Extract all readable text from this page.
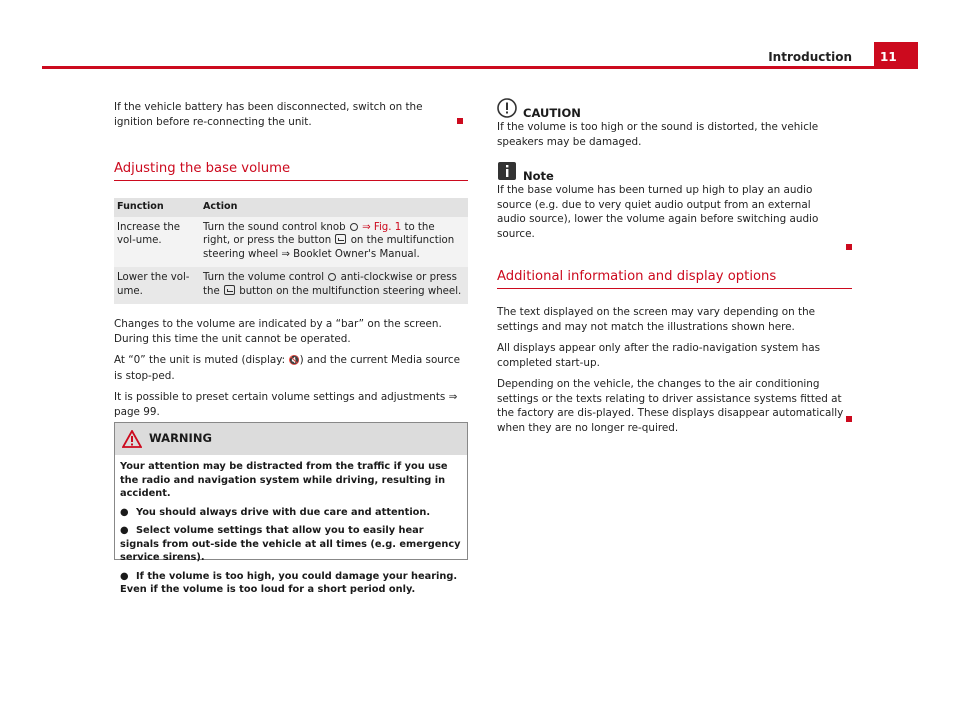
Introduction	11

If the vehicle battery has been disconnected, switch on the ignition before re-connecting the unit.

Adjusting the base volume
Function	Action
Increase the vol-ume.	Turn the sound control knob ⇒ Fig. 1 to the right, or press the button on the multifunction steering wheel ⇒ Booklet Owner's Manual.
Lower the vol-ume.	Turn the volume control anti-clockwise or press the button on the multifunction steering wheel.

Changes to the volume are indicated by a “bar” on the screen. During this time the unit cannot be operated.

At “0” the unit is muted (display: 🔇) and the current Media source is stop-ped.

It is possible to preset certain volume settings and adjustments ⇒ page 99.

WARNING
Your attention may be distracted from the traffic if you use the radio and navigation system while driving, resulting in accident.
● You should always drive with due care and attention.
● Select volume settings that allow you to easily hear signals from out-side the vehicle at all times (e.g. emergency service sirens).
● If the volume is too high, you could damage your hearing. Even if the volume is too loud for a short period only.
CAUTION
If the volume is too high or the sound is distorted, the vehicle speakers may be damaged.
Note
If the base volume has been turned up high to play an audio source (e.g. due to very quiet audio output from an external audio source), lower the volume again before switching audio source.
Additional information and display options

The text displayed on the screen may vary depending on the settings and may not match the illustrations shown here.

All displays appear only after the radio-navigation system has completed start-up.

Depending on the vehicle, the changes to the air conditioning settings or the texts relating to driver assistance systems fitted at the factory are dis-played. These displays disappear automatically when they are no longer re-quired.
